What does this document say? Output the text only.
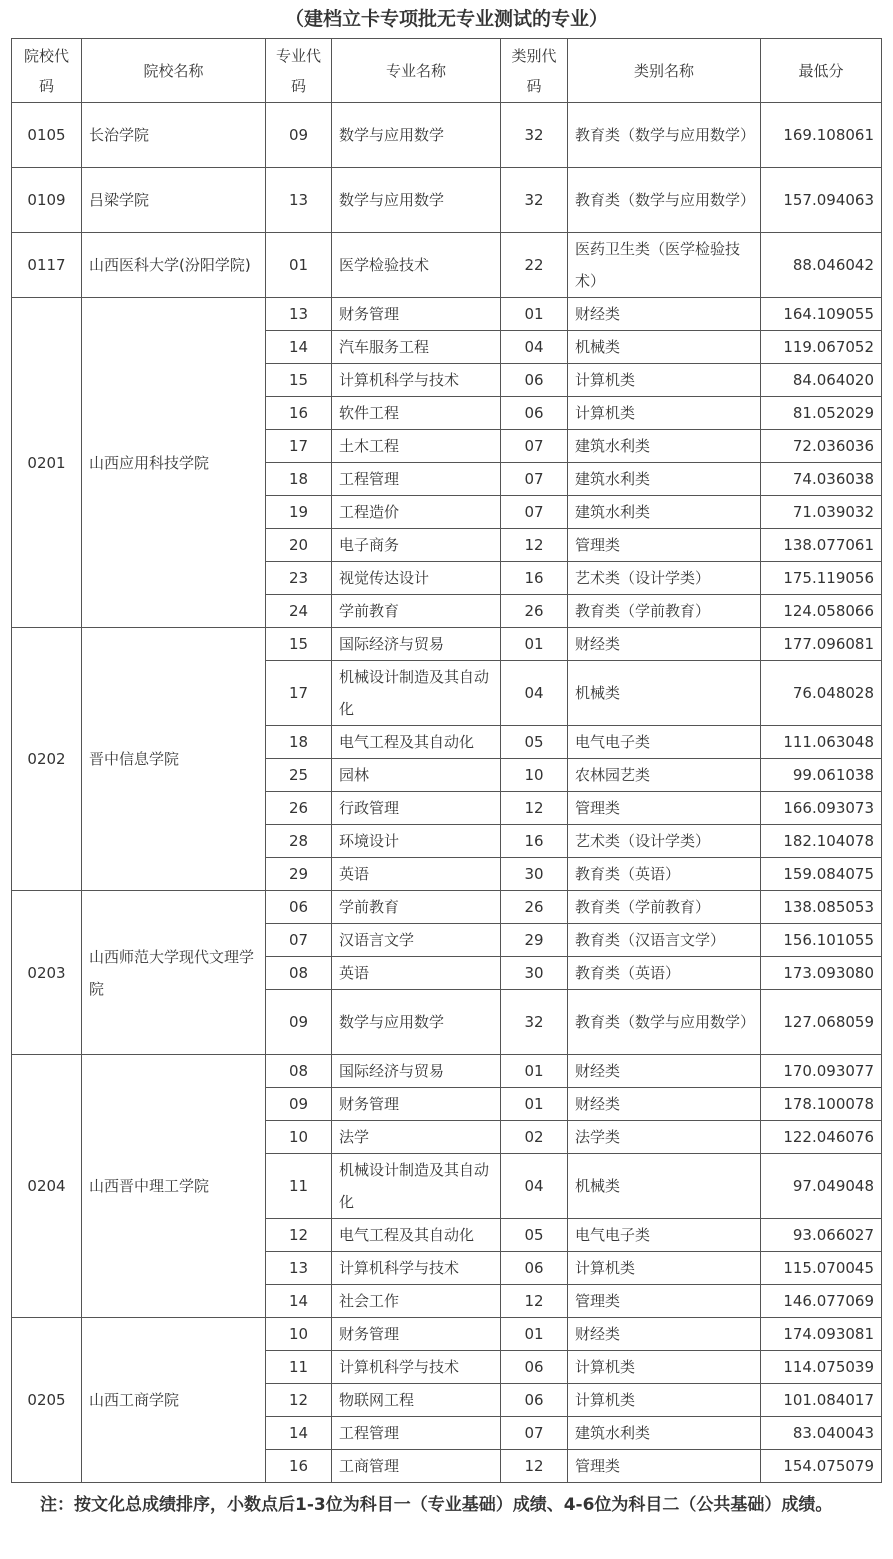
（建档立卡专项批无专业测试的专业）
院校代码	院校名称	专业代码	专业名称	类别代码	类别名称	最低分
0105	长治学院	09	数学与应用数学	32	教育类（数学与应用数学）	169.108061
0109	吕梁学院	13	数学与应用数学	32	教育类（数学与应用数学）	157.094063
0117	山西医科大学(汾阳学院)	01	医学检验技术	22	医药卫生类（医学检验技术）	88.046042
0201	山西应用科技学院	13	财务管理	01	财经类	164.109055
		14	汽车服务工程	04	机械类	119.067052
		15	计算机科学与技术	06	计算机类	84.064020
		16	软件工程	06	计算机类	81.052029
		17	土木工程	07	建筑水利类	72.036036
		18	工程管理	07	建筑水利类	74.036038
		19	工程造价	07	建筑水利类	71.039032
		20	电子商务	12	管理类	138.077061
		23	视觉传达设计	16	艺术类（设计学类）	175.119056
		24	学前教育	26	教育类（学前教育）	124.058066
0202	晋中信息学院	15	国际经济与贸易	01	财经类	177.096081
		17	机械设计制造及其自动化	04	机械类	76.048028
		18	电气工程及其自动化	05	电气电子类	111.063048
		25	园林	10	农林园艺类	99.061038
		26	行政管理	12	管理类	166.093073
		28	环境设计	16	艺术类（设计学类）	182.104078
		29	英语	30	教育类（英语）	159.084075
0203	山西师范大学现代文理学院	06	学前教育	26	教育类（学前教育）	138.085053
		07	汉语言文学	29	教育类（汉语言文学）	156.101055
		08	英语	30	教育类（英语）	173.093080
		09	数学与应用数学	32	教育类（数学与应用数学）	127.068059
0204	山西晋中理工学院	08	国际经济与贸易	01	财经类	170.093077
		09	财务管理	01	财经类	178.100078
		10	法学	02	法学类	122.046076
		11	机械设计制造及其自动化	04	机械类	97.049048
		12	电气工程及其自动化	05	电气电子类	93.066027
		13	计算机科学与技术	06	计算机类	115.070045
		14	社会工作	12	管理类	146.077069
0205	山西工商学院	10	财务管理	01	财经类	174.093081
		11	计算机科学与技术	06	计算机类	114.075039
		12	物联网工程	06	计算机类	101.084017
		14	工程管理	07	建筑水利类	83.040043
		16	工商管理	12	管理类	154.075079
注：按文化总成绩排序，小数点后1-3位为科目一（专业基础）成绩、4-6位为科目二（公共基础）成绩。
